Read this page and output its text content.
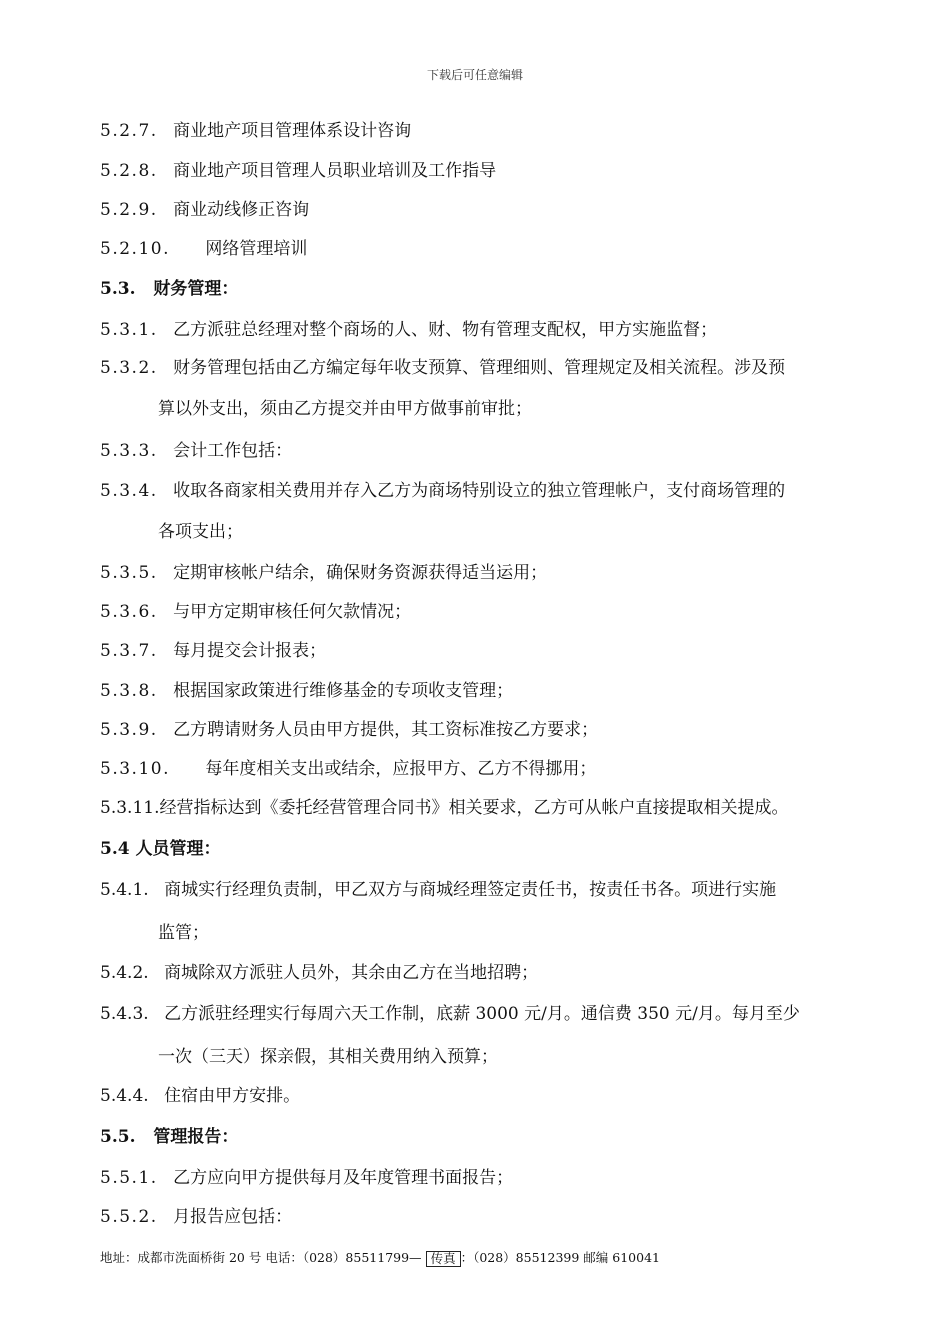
下载后可任意编辑
5.2.7. 商业地产项目管理体系设计咨询
5.2.8. 商业地产项目管理人员职业培训及工作指导
5.2.9. 商业动线修正咨询
5.2.10. 网络管理培训
5.3. 财务管理：
5.3.1. 乙方派驻总经理对整个商场的人、财、物有管理支配权，甲方实施监督；
5.3.2. 财务管理包括由乙方编定每年收支预算、管理细则、管理规定及相关流程。涉及预
算以外支出，须由乙方提交并由甲方做事前审批；
5.3.3. 会计工作包括：
5.3.4. 收取各商家相关费用并存入乙方为商场特别设立的独立管理帐户，支付商场管理的
各项支出；
5.3.5. 定期审核帐户结余，确保财务资源获得适当运用；
5.3.6. 与甲方定期审核任何欠款情况；
5.3.7. 每月提交会计报表；
5.3.8. 根据国家政策进行维修基金的专项收支管理；
5.3.9. 乙方聘请财务人员由甲方提供，其工资标准按乙方要求；
5.3.10. 每年度相关支出或结余，应报甲方、乙方不得挪用；
5.3.11.经营指标达到《委托经营管理合同书》相关要求，乙方可从帐户直接提取相关提成。
5.4 人员管理：
5.4.1. 商城实行经理负责制，甲乙双方与商城经理签定责任书，按责任书各。项进行实施
监管；
5.4.2. 商城除双方派驻人员外，其余由乙方在当地招聘；
5.4.3. 乙方派驻经理实行每周六天工作制，底薪 3000 元/月。通信费 350 元/月。每月至少
一次（三天）探亲假，其相关费用纳入预算；
5.4.4. 住宿由甲方安排。
5.5. 管理报告：
5.5.1. 乙方应向甲方提供每月及年度管理书面报告；
5.5.2. 月报告应包括：
地址：成都市洗面桥街 20 号 电话：（028）85511799— 传真 ：（028）85512399 邮编 610041
